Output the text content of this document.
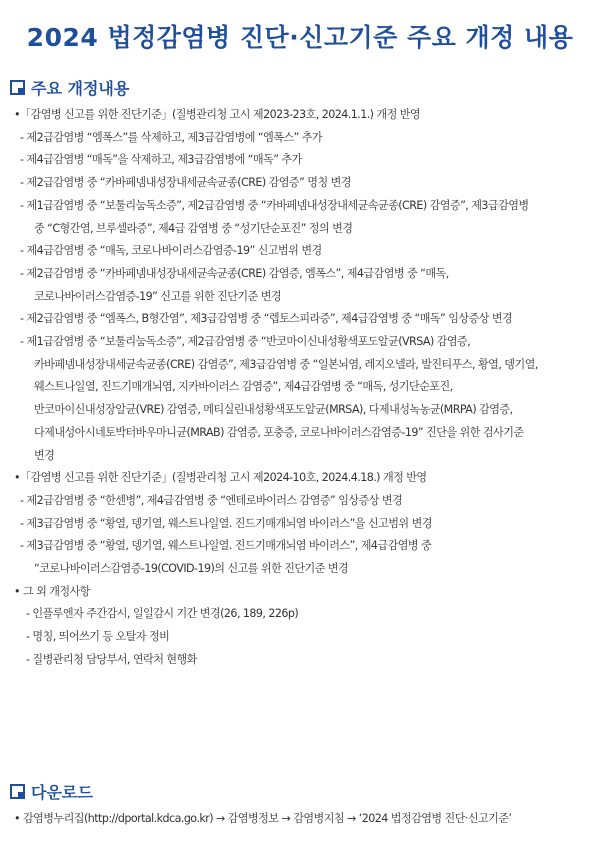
2024 법정감염병 진단·신고기준 주요 개정 내용
주요 개정내용

•「감염병 신고를 위한 진단기준」(질병관리청 고시 제2023-23호, 2024.1.1.) 개정 반영

- 제2급감염병 “엠폭스”를 삭제하고, 제3급감염병에 “엠폭스” 추가

- 제4급감염병 “매독”을 삭제하고, 제3급감염병에 “매독” 추가

- 제2급감염병 중 “카바페넴내성장내세균속균종(CRE) 감염증” 명칭 변경

- 제1급감염병 중 “보툴리눔독소증”, 제2급감염병 중 “카바페넴내성장내세균속균종(CRE) 감염증”, 제3급감염병

중 “C형간염, 브루셀라증”, 제4급 감염병 중 “성기단순포진” 정의 변경

- 제4급감염병 중 “매독, 코로나바이러스감염증-19” 신고범위 변경

- 제2급감염병 중 “카바페넴내성장내세균속균종(CRE) 감염증, 엠폭스”, 제4급감염병 중 “매독,

코로나바이러스감염증-19” 신고를 위한 진단기준 변경

- 제2급감염병 중 “엠폭스, B형간염”, 제3급감염병 중 “렙토스피라증”, 제4급감염병 중 “매독” 임상증상 변경

- 제1급감염병 중 “보툴리눔독소증”, 제2급감염병 중 “반코마이신내성황색포도알균(VRSA) 감염증,

카바페넴내성장내세균속균종(CRE) 감염증”, 제3급감염병 중 “일본뇌염, 레지오넬라, 발진티푸스, 황열, 뎅기열,

웨스트나일열, 진드기매개뇌염, 지카바이러스 감염증”, 제4급감염병 중 “매독, 성기단순포진,

반코마이신내성장알균(VRE) 감염증, 메티실린내성황색포도알균(MRSA), 다제내성녹농균(MRPA) 감염증,

다제내성아시네토박터바우마니균(MRAB) 감염증, 포충증, 코로나바이러스감염증-19” 진단을 위한 검사기준

변경

•「감염병 신고를 위한 진단기준」(질병관리청 고시 제2024-10호, 2024.4.18.) 개정 반영

- 제2급감염병 중 “한센병”, 제4급감염병 중 “엔테로바이러스 감염증” 임상증상 변경

- 제3급감염병 중 “황열, 뎅기열, 웨스트나일열. 진드기매개뇌염 바이러스”을 신고범위 변경

- 제3급감염병 중 “황열, 뎅기열, 웨스트나일열. 진드기매개뇌염 바이러스”, 제4급감염병 중

“코로나바이러스감염증-19(COVID-19)의 신고를 위한 진단기준 변경

• 그 외 개정사항

- 인플루엔자 주간감시, 일일감시 기간 변경(26, 189, 226p)

- 명칭, 띄어쓰기 등 오탈자 정비

- 질병관리청 담당부서, 연락처 현행화

다운로드
• 감염병누리집(http://dportal.kdca.go.kr) → 감염병정보 → 감염병지침 → ‘2024 법정감염병 진단·신고기준’
